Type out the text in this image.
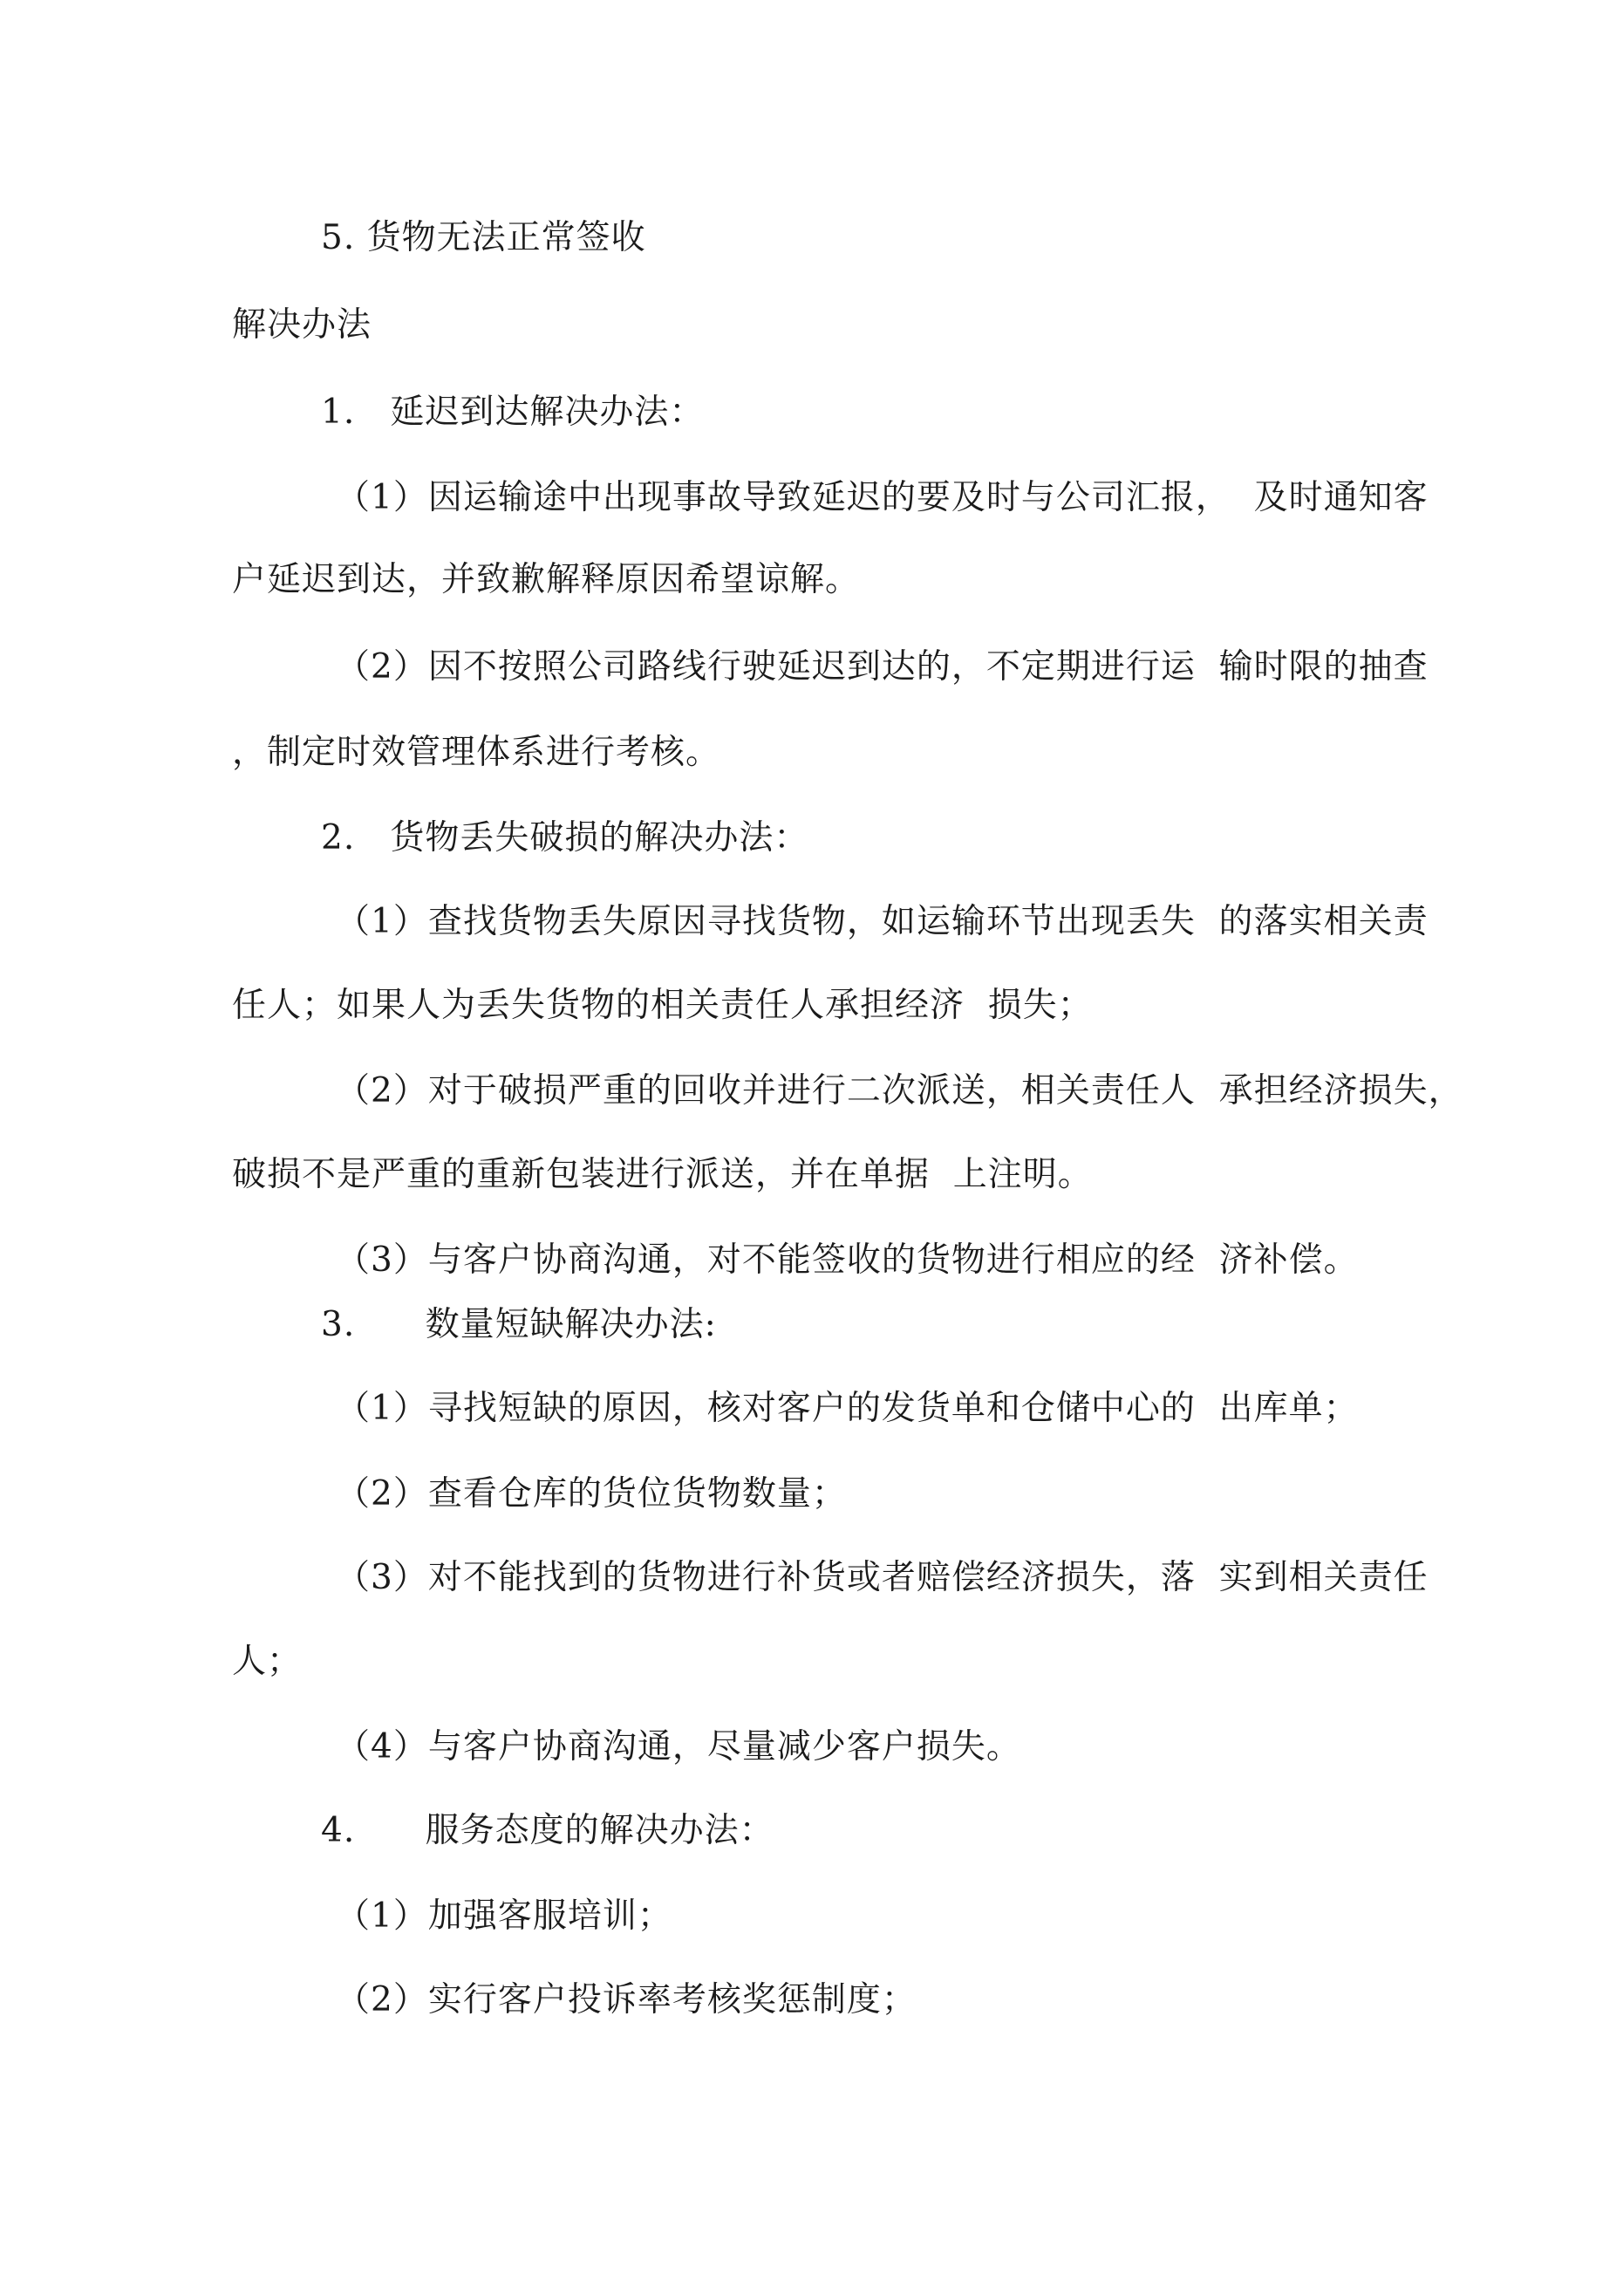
5. 货物无法正常签收
解决办法
1.   延迟到达解决办法：
（1）因运输途中出现事故导致延迟的要及时与公司汇报，  及时通知客
户延迟到达，并致歉解释原因希望谅解。
（2）因不按照公司路线行驶延迟到达的，不定期进行运  输时限的抽查
，制定时效管理体系进行考核。
2.   货物丢失破损的解决办法：
（1）查找货物丢失原因寻找货物，如运输环节出现丢失  的落实相关责
任人；如果人为丢失货物的相关责任人承担经济  损失；
（2）对于破损严重的回收并进行二次派送，相关责任人  承担经济损失，
破损不是严重的重新包装进行派送，并在单据  上注明。
（3）与客户协商沟通，对不能签收的货物进行相应的经  济补偿。
3.      数量短缺解决办法:
（1）寻找短缺的原因，核对客户的发货单和仓储中心的  出库单；
（2）查看仓库的货位货物数量；
（3）对不能找到的货物进行补货或者赔偿经济损失，落  实到相关责任
人；
（4）与客户协商沟通，尽量减少客户损失。
4.      服务态度的解决办法：
（1）加强客服培训；
（2）实行客户投诉率考核奖惩制度；
